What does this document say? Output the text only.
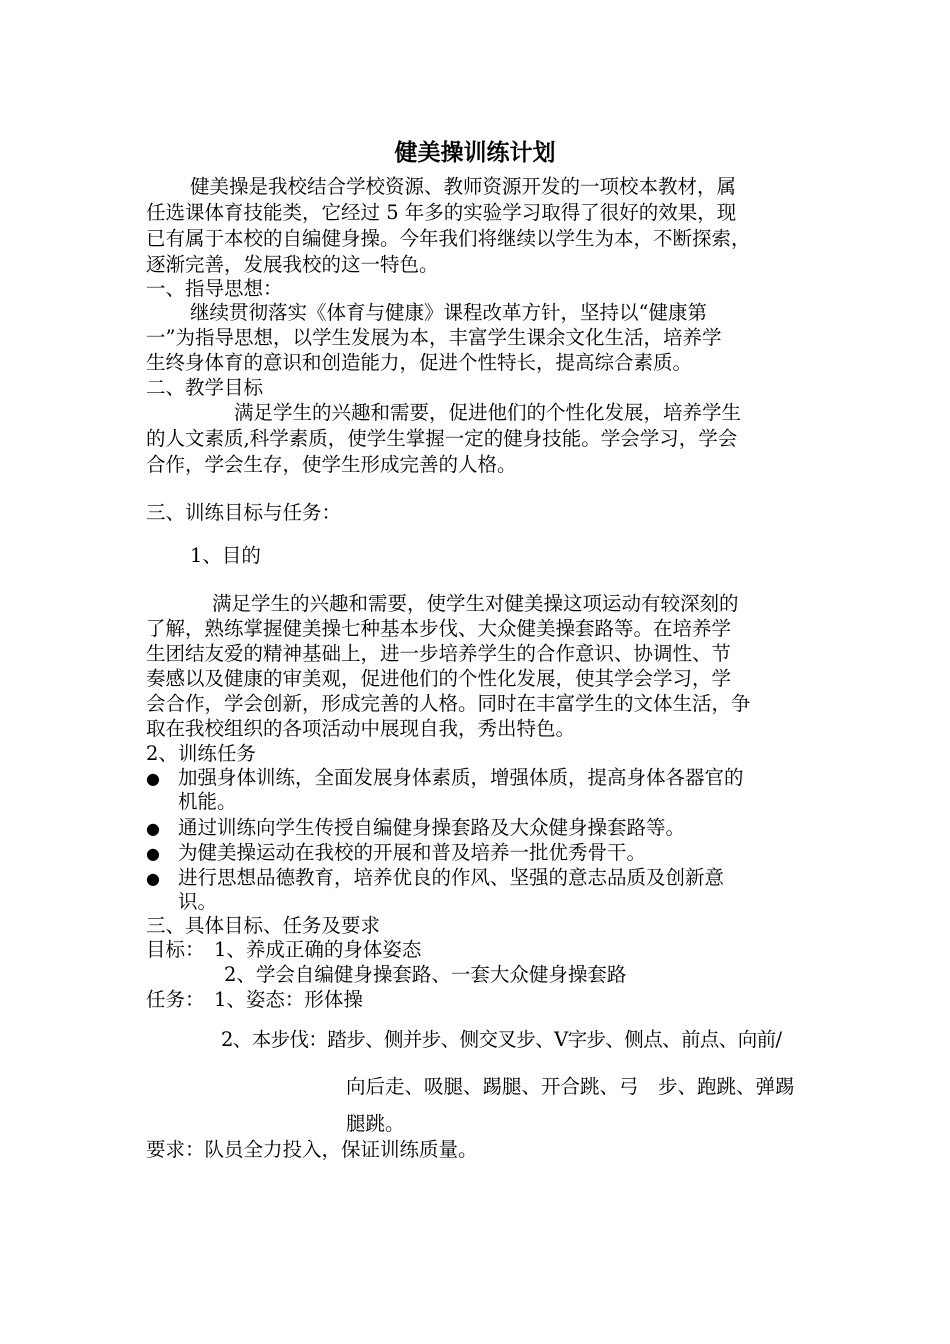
健美操训练计划
健美操是我校结合学校资源、教师资源开发的一项校本教材，属
任选课体育技能类，它经过 5 年多的实验学习取得了很好的效果，现
已有属于本校的自编健身操。今年我们将继续以学生为本，不断探索，
逐渐完善，发展我校的这一特色。
一、指导思想：
继续贯彻落实《体育与健康》课程改革方针，坚持以“健康第
一”为指导思想，以学生发展为本，丰富学生课余文化生活，培养学
生终身体育的意识和创造能力，促进个性特长，提高综合素质。
二、教学目标
满足学生的兴趣和需要，促进他们的个性化发展，培养学生
的人文素质,科学素质，使学生掌握一定的健身技能。学会学习，学会
合作，学会生存，使学生形成完善的人格。
三、训练目标与任务：
1、目的
满足学生的兴趣和需要，使学生对健美操这项运动有较深刻的
了解，熟练掌握健美操七种基本步伐、大众健美操套路等。在培养学
生团结友爱的精神基础上，进一步培养学生的合作意识、协调性、节
奏感以及健康的审美观，促进他们的个性化发展，使其学会学习，学
会合作，学会创新，形成完善的人格。同时在丰富学生的文体生活，争
取在我校组织的各项活动中展现自我，秀出特色。
2、训练任务
● 加强身体训练，全面发展身体素质，增强体质，提高身体各器官的
机能。
● 通过训练向学生传授自编健身操套路及大众健身操套路等。
● 为健美操运动在我校的开展和普及培养一批优秀骨干。
● 进行思想品德教育，培养优良的作风、坚强的意志品质及创新意
识。
三、具体目标、任务及要求
目标： 1、养成正确的身体姿态
2、学会自编健身操套路、一套大众健身操套路
任务： 1、姿态：形体操
2、本步伐：踏步、侧并步、侧交叉步、V字步、侧点、前点、向前/
向后走、吸腿、踢腿、开合跳、弓　步、跑跳、弹踢
腿跳。
要求：队员全力投入，保证训练质量。
